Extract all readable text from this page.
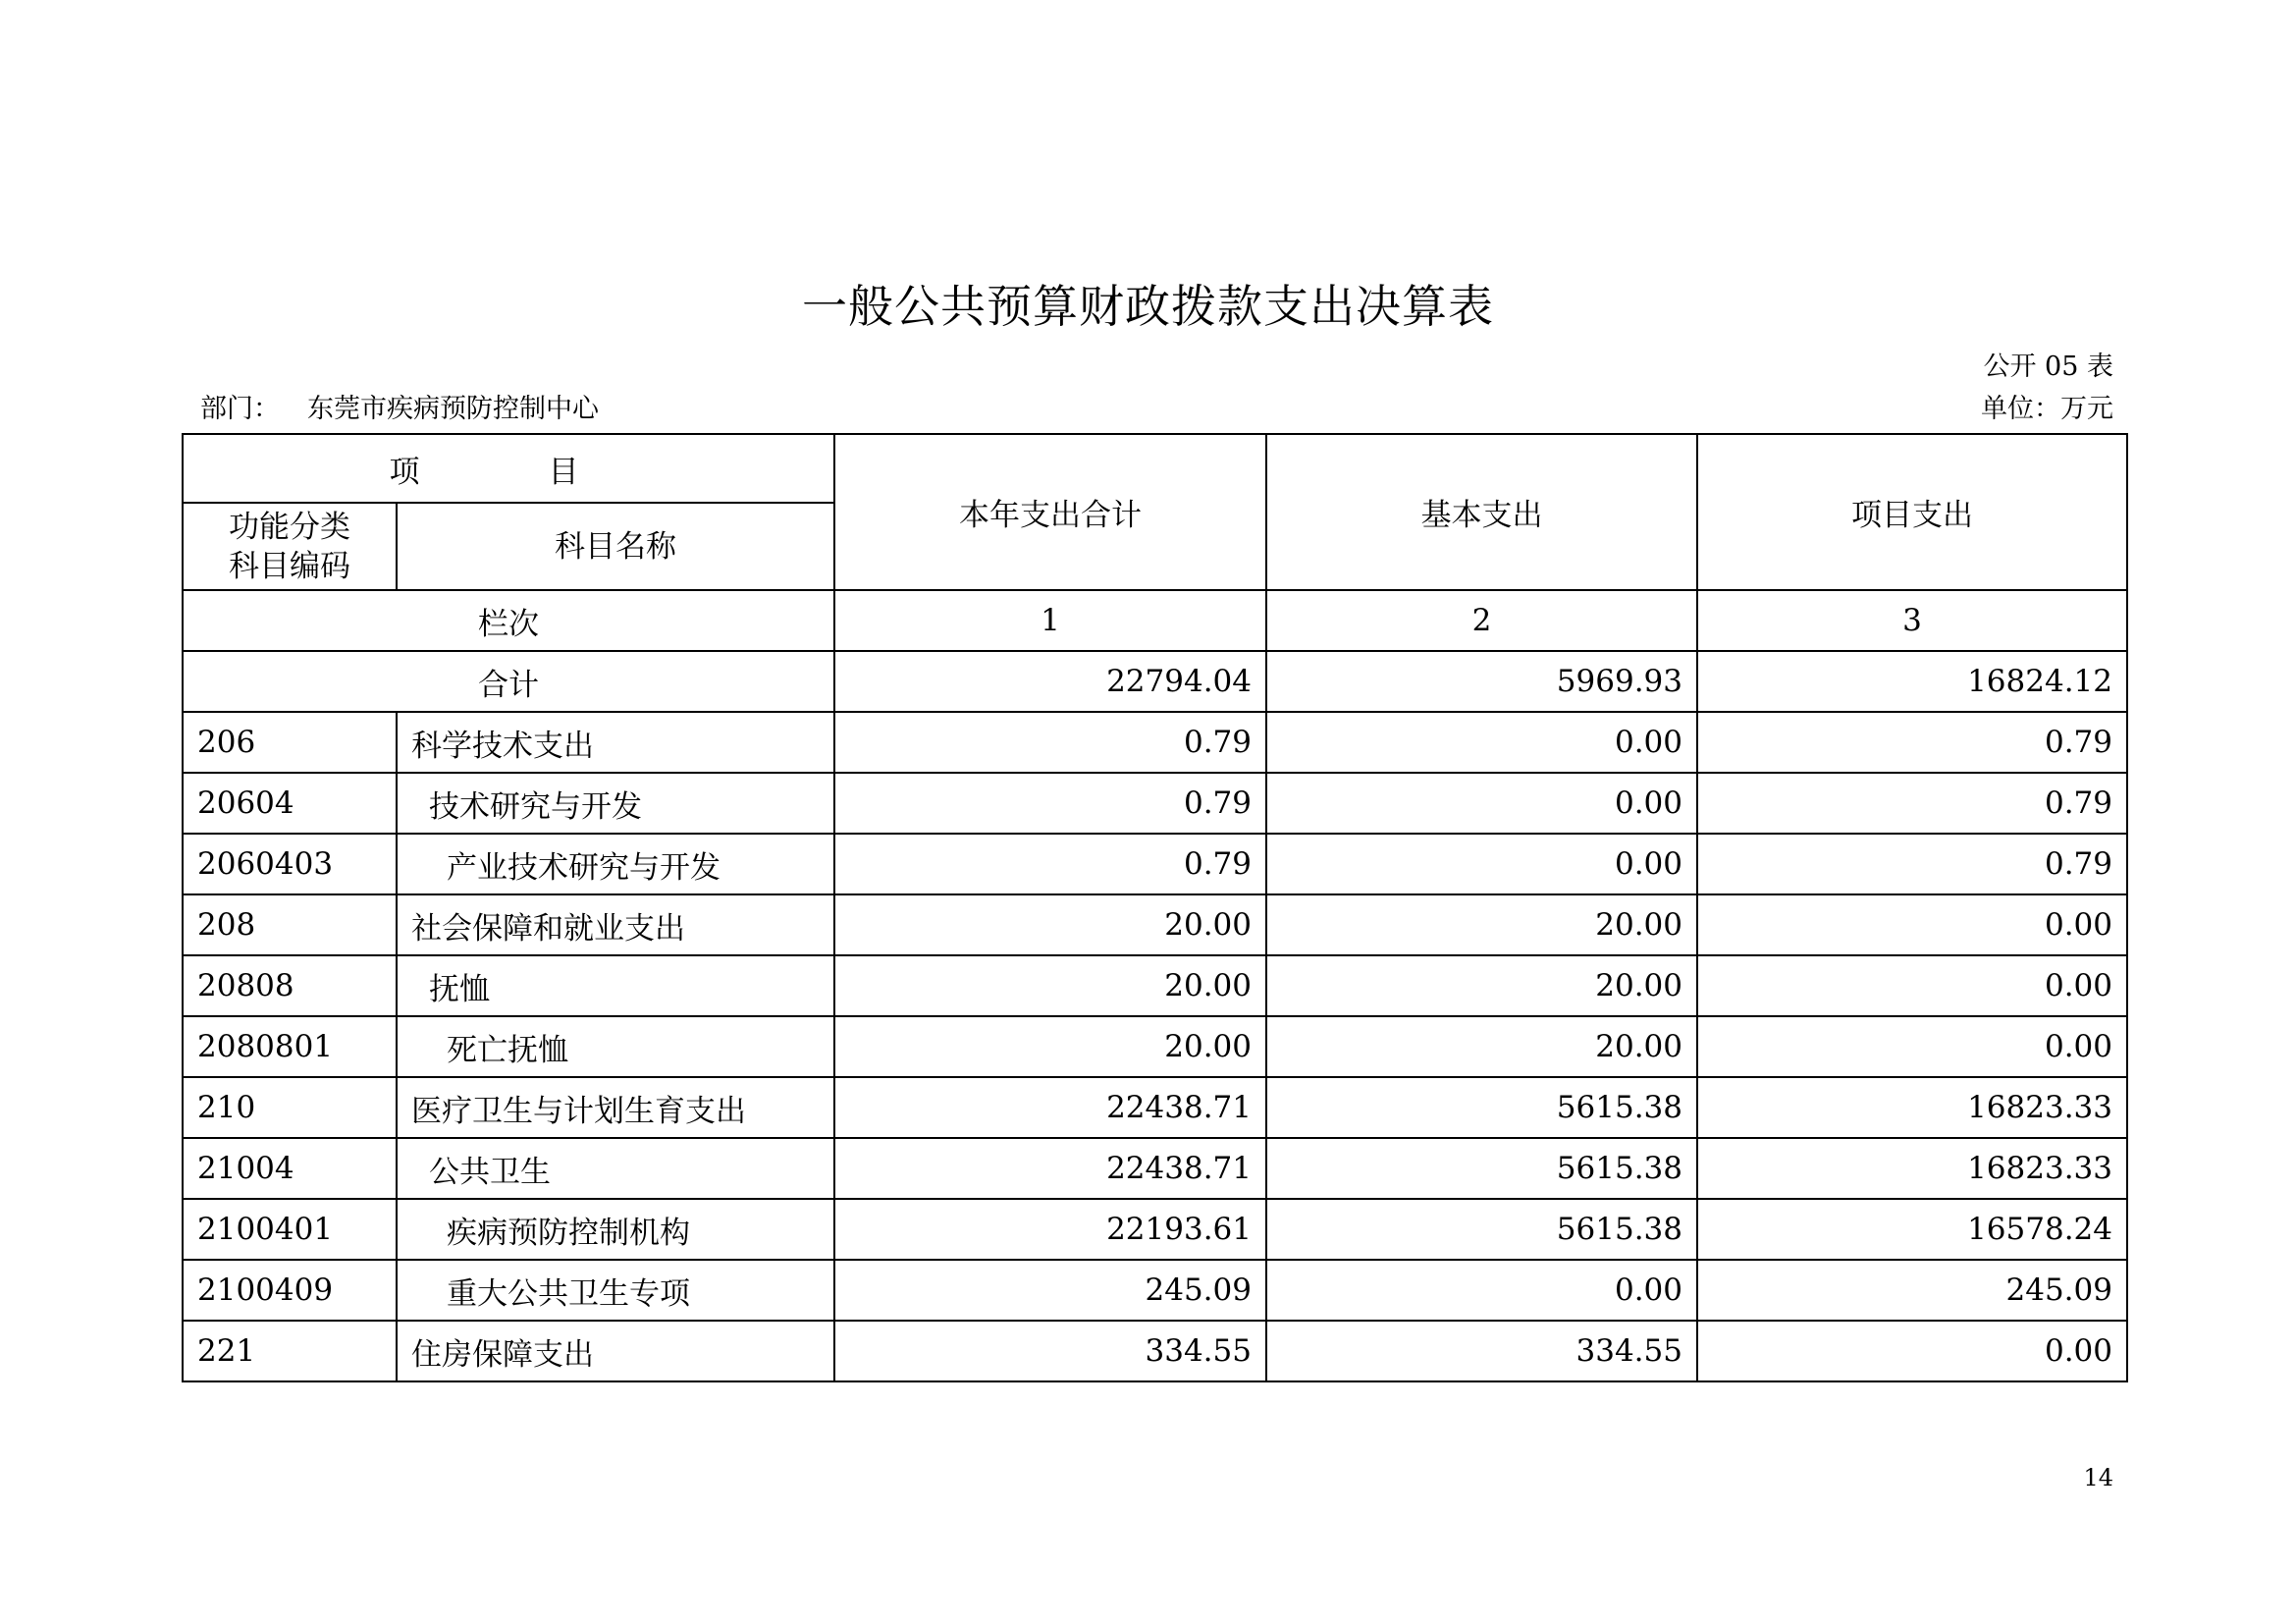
一般公共预算财政拨款支出决算表
公开 05 表
部门： 东莞市疾病预防控制中心	单位：万元
项　目		本年支出合计	基本支出	项目支出

功能分类
科目编码	科目名称			
栏次		1	2	3
合计		22794.04	5969.93	16824.12
206	科学技术支出	0.79	0.00	0.79
20604	技术研究与开发	0.79	0.00	0.79
2060403	产业技术研究与开发	0.79	0.00	0.79
208	社会保障和就业支出	20.00	20.00	0.00
20808	抚恤	20.00	20.00	0.00
2080801	死亡抚恤	20.00	20.00	0.00
210	医疗卫生与计划生育支出	22438.71	5615.38	16823.33
21004	公共卫生	22438.71	5615.38	16823.33
2100401	疾病预防控制机构	22193.61	5615.38	16578.24
2100409	重大公共卫生专项	245.09	0.00	245.09
221	住房保障支出	334.55	334.55	0.00
14
